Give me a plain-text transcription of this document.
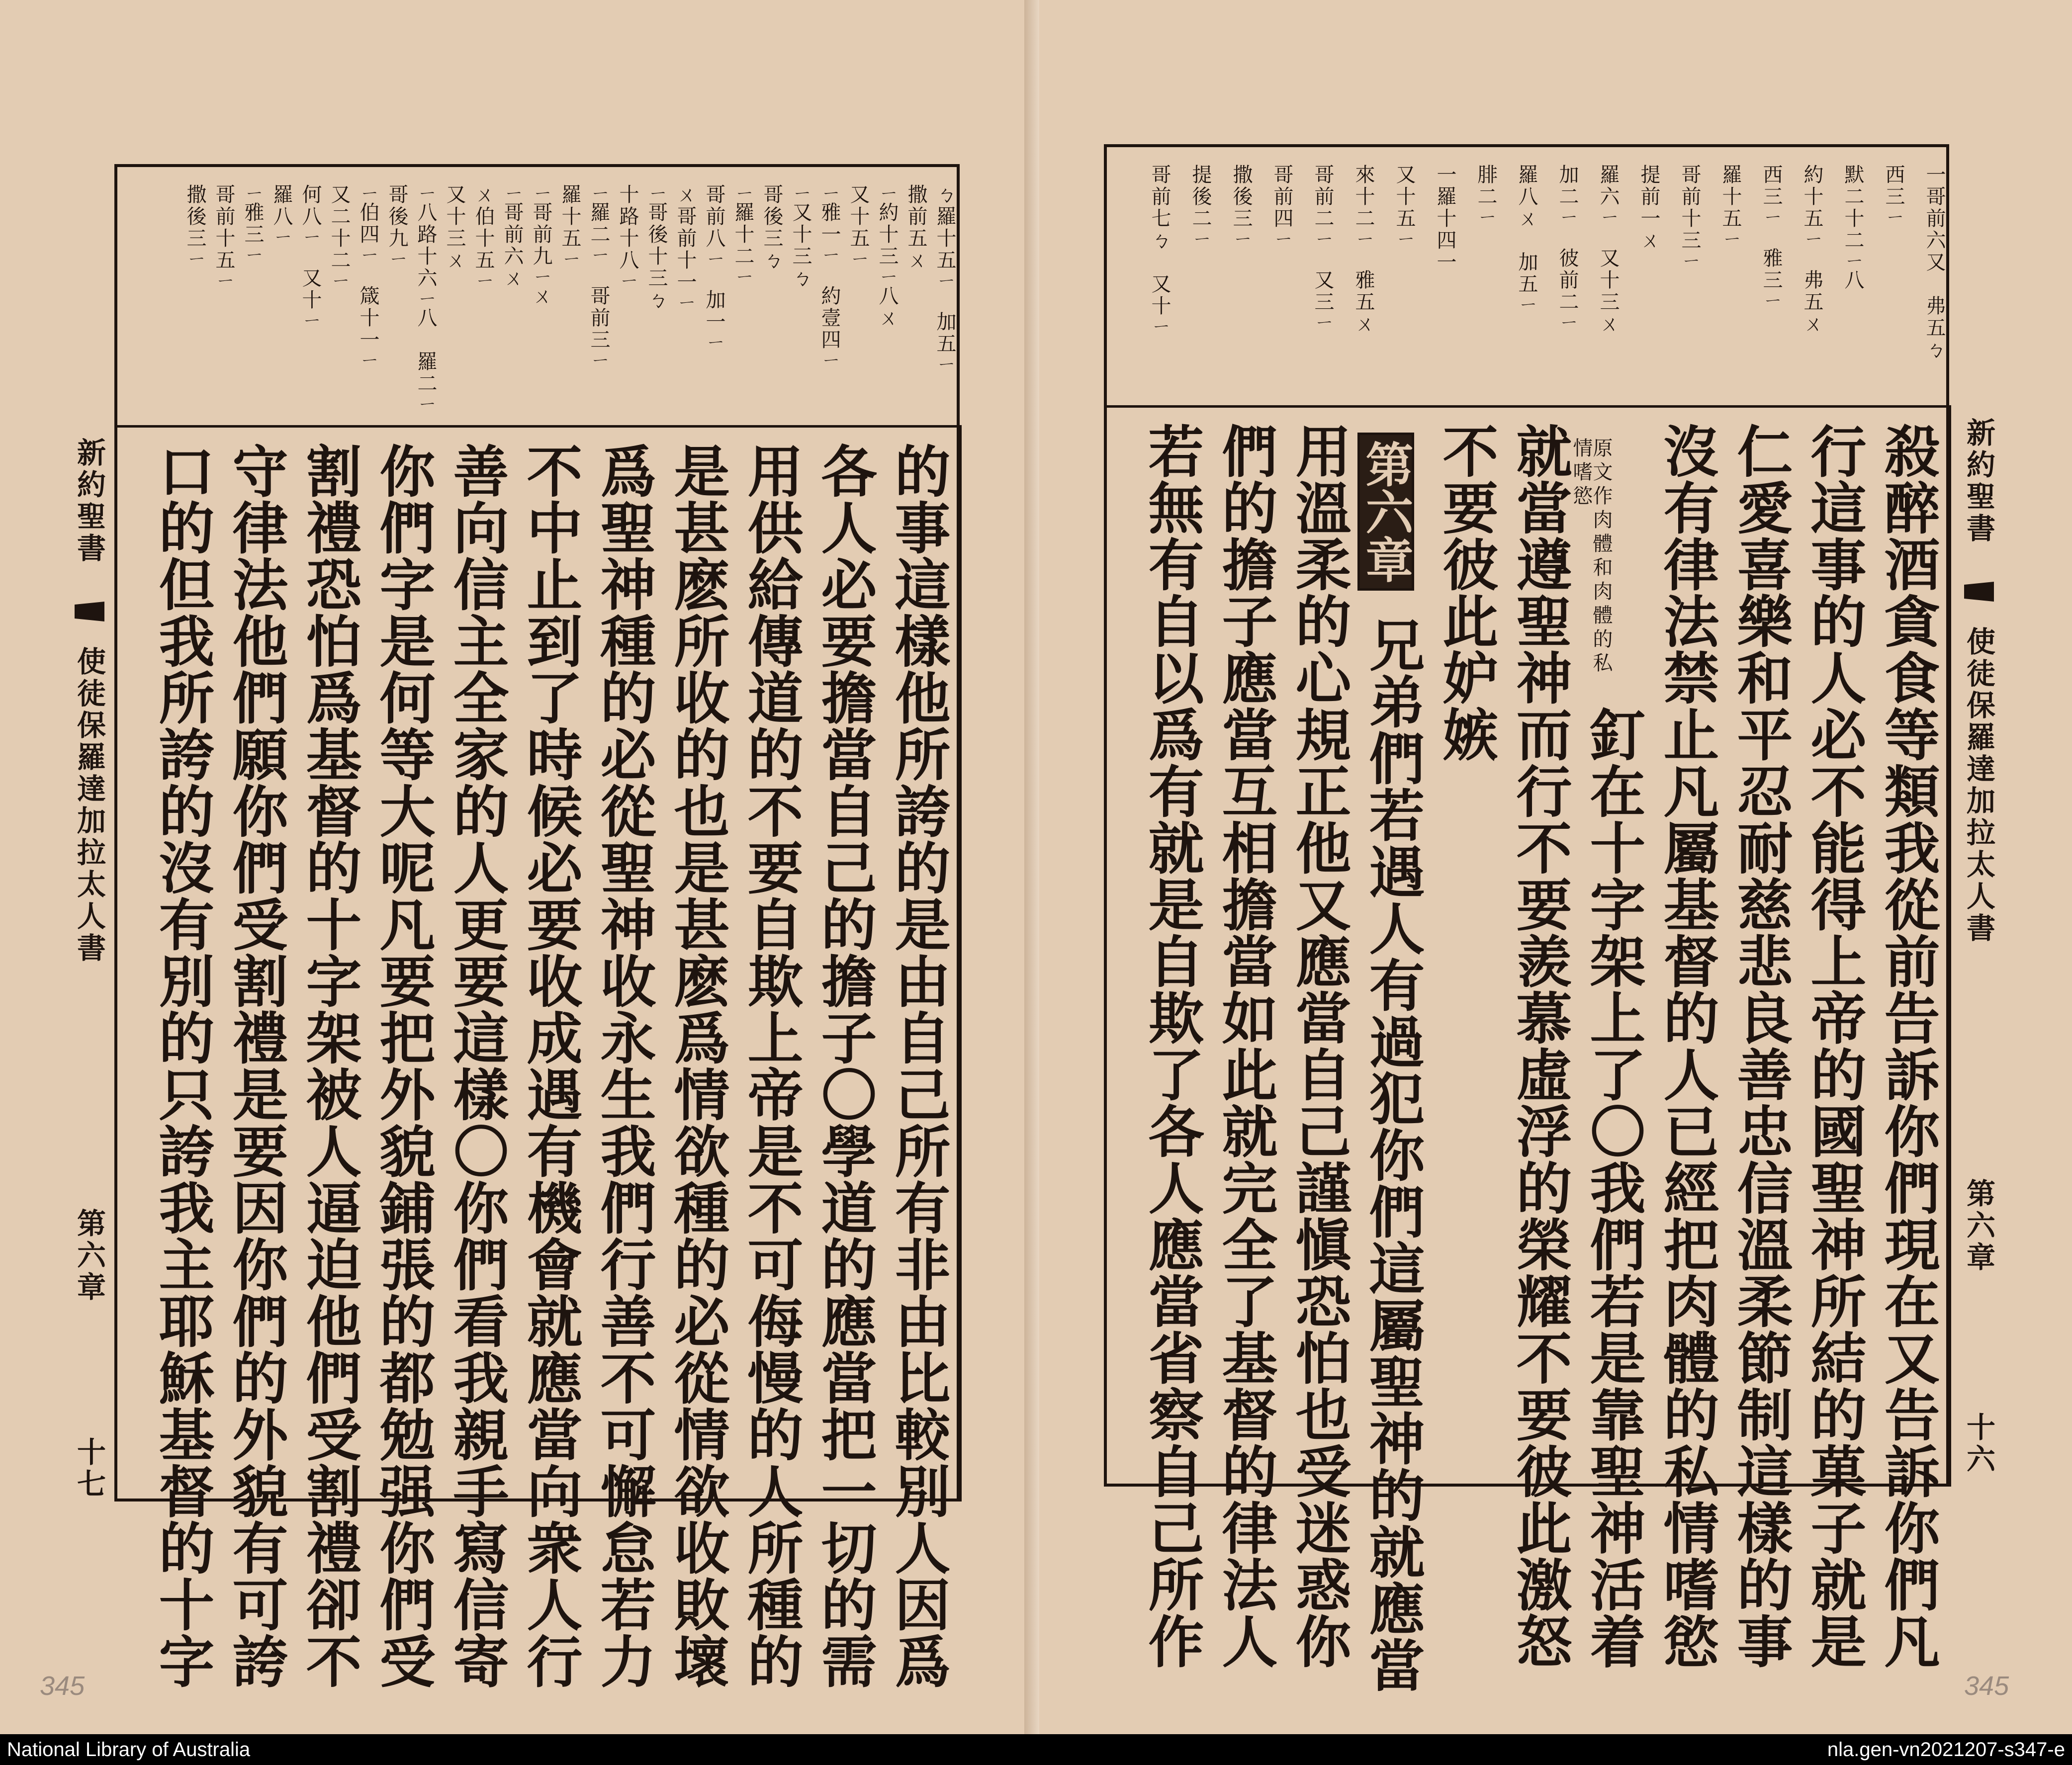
ㄅ羅十五ㄧ　加五ㄧ
撒前五ㄨ
ㄧ約十三ㄧ八ㄨ
又十五ㄧ
ㄧ雅一ㄧ　約壹四ㄧ
ㄧ又十三ㄅ
哥後三ㄅ
ㄧ羅十二ㄧ
哥前八ㄧ　加一ㄧ
ㄨ哥前十一ㄧ
ㄧ哥後十三ㄅ
十路十八ㄧ
ㄧ羅二ㄧ　哥前三ㄧ
羅十五ㄧ
ㄧ哥前九ㄧㄨ
ㄧ哥前六ㄨ
ㄨ伯十五ㄧ
又十三ㄨ
ㄧ八路十六ㄧ八　羅二ㄧ
哥後九ㄧ
ㄧ伯四ㄧ　箴十一ㄧ
又二十二ㄧ
何八ㄧ　又十ㄧ
羅八ㄧ
ㄧ雅三ㄧ
哥前十五ㄧ
撒後三ㄧ
的事這樣他所誇的是由自己所有非由比較別人因爲
各人必要擔當自己的擔子〇學道的應當把一切的需
用供給傳道的不要自欺上帝是不可侮慢的人所種的
是甚麽所收的也是甚麽爲情欲種的必從情欲收敗壞
爲聖神種的必從聖神收永生我們行善不可懈怠若力
不中止到了時候必要收成遇有機會就應當向衆人行
善向信主全家的人更要這樣〇你們看我親手寫信寄
你們字是何等大呢凡要把外貌鋪張的都勉强你們受
割禮恐怕爲基督的十字架被人逼迫他們受割禮卻不
守律法他們願你們受割禮是要因你們的外貌有可誇
口的但我所誇的沒有別的只誇我主耶穌基督的十字
新約聖書
使徒保羅達加拉太人書
第六章
十七
345
一哥前六又　弗五ㄅ
西三ㄧ
默二十二ㄧ八
約十五ㄧ　弗五ㄨ
西三ㄧ　雅三ㄧ
羅十五ㄧ
哥前十三ㄧ
提前一ㄨ
羅六ㄧ　又十三ㄨ
加二ㄧ　彼前二ㄧ
羅八ㄨ　加五ㄧ
腓二ㄧ
一羅十四一
又十五ㄧ
來十二ㄧ　雅五ㄨ
哥前二ㄧ　又三ㄧ
哥前四ㄧ
撒後三ㄧ
提後二ㄧ
哥前七ㄅ　又十ㄧ
殺醉酒貪食等類我從前告訴你們現在又告訴你們凡
行這事的人必不能得上帝的國聖神所結的菓子就是
仁愛喜樂和平忍耐慈悲良善忠信溫柔節制這樣的事
沒有律法禁止凡屬基督的人已經把肉體的私情嗜慾
釘在十字架上了〇我們若是靠聖神活着
就當遵聖神而行不要羨慕虛浮的榮耀不要彼此激怒
不要彼此妒嫉
兄弟們若遇人有過犯你們這屬聖神的就應當
用溫柔的心規正他又應當自己謹愼恐怕也受迷惑你
們的擔子應當互相擔當如此就完全了基督的律法人
若無有自以爲有就是自欺了各人應當省察自己所作	第六章	原文作肉體和肉體的私情嗜慾	新約聖書
使徒保羅達加拉太人書
第六章
十六
345
National Library of Australia	nla.gen-vn2021207-s347-e
